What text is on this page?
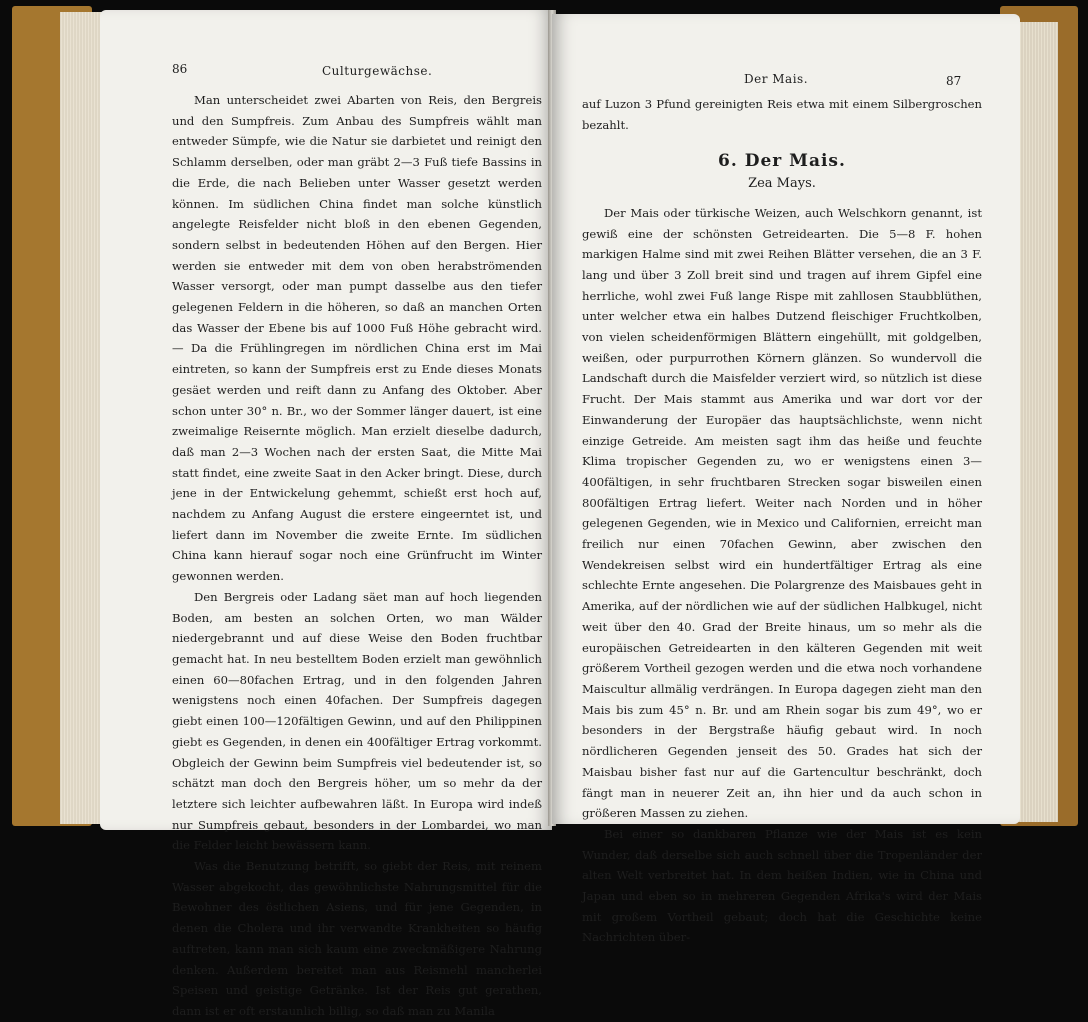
86	Culturgewächse.

Man unterscheidet zwei Abarten von Reis, den Bergreis und den Sumpfreis. Zum Anbau des Sumpfreis wählt man entweder Sümpfe, wie die Natur sie darbietet und reinigt den Schlamm derselben, oder man gräbt 2—3 Fuß tiefe Bassins in die Erde, die nach Belieben unter Wasser gesetzt werden können. Im südlichen China findet man solche künstlich angelegte Reisfelder nicht bloß in den ebenen Gegenden, sondern selbst in bedeutenden Höhen auf den Bergen. Hier werden sie entweder mit dem von oben herabströmenden Wasser versorgt, oder man pumpt dasselbe aus den tiefer gelegenen Feldern in die höheren, so daß an manchen Orten das Wasser der Ebene bis auf 1000 Fuß Höhe gebracht wird. — Da die Frühlingregen im nördlichen China erst im Mai eintreten, so kann der Sumpfreis erst zu Ende dieses Monats gesäet werden und reift dann zu Anfang des Oktober. Aber schon unter 30° n. Br., wo der Sommer länger dauert, ist eine zweimalige Reisernte möglich. Man erzielt dieselbe dadurch, daß man 2—3 Wochen nach der ersten Saat, die Mitte Mai statt findet, eine zweite Saat in den Acker bringt. Diese, durch jene in der Entwickelung gehemmt, schießt erst hoch auf, nachdem zu Anfang August die erstere eingeerntet ist, und liefert dann im November die zweite Ernte. Im südlichen China kann hierauf sogar noch eine Grünfrucht im Winter gewonnen werden.

Den Bergreis oder Ladang säet man auf hoch liegenden Boden, am besten an solchen Orten, wo man Wälder niedergebrannt und auf diese Weise den Boden fruchtbar gemacht hat. In neu bestelltem Boden erzielt man gewöhnlich einen 60—80fachen Ertrag, und in den folgenden Jahren wenigstens noch einen 40fachen. Der Sumpfreis dagegen giebt einen 100—120fältigen Gewinn, und auf den Philippinen giebt es Gegenden, in denen ein 400fältiger Ertrag vorkommt. Obgleich der Gewinn beim Sumpfreis viel bedeutender ist, so schätzt man doch den Bergreis höher, um so mehr da der letztere sich leichter aufbewahren läßt. In Europa wird indeß nur Sumpfreis gebaut, besonders in der Lombardei, wo man die Felder leicht bewässern kann.

Was die Benutzung betrifft, so giebt der Reis, mit reinem Wasser abgekocht, das gewöhnlichste Nahrungsmittel für die Bewohner des östlichen Asiens, und für jene Gegenden, in denen die Cholera und ihr verwandte Krankheiten so häufig auftreten, kann man sich kaum eine zweckmäßigere Nahrung denken. Außerdem bereitet man aus Reismehl mancherlei Speisen und geistige Getränke. Ist der Reis gut gerathen, dann ist er oft erstaunlich billig, so daß man zu Manila

Der Mais.	87

auf Luzon 3 Pfund gereinigten Reis etwa mit einem Silbergroschen bezahlt.

6. Der Mais.
Zea Mays.

Der Mais oder türkische Weizen, auch Welschkorn genannt, ist gewiß eine der schönsten Getreidearten. Die 5—8 F. hohen markigen Halme sind mit zwei Reihen Blätter versehen, die an 3 F. lang und über 3 Zoll breit sind und tragen auf ihrem Gipfel eine herrliche, wohl zwei Fuß lange Rispe mit zahllosen Staubblüthen, unter welcher etwa ein halbes Dutzend fleischiger Fruchtkolben, von vielen scheidenförmigen Blättern eingehüllt, mit goldgelben, weißen, oder purpurrothen Körnern glänzen. So wundervoll die Landschaft durch die Maisfelder verziert wird, so nützlich ist diese Frucht. Der Mais stammt aus Amerika und war dort vor der Einwanderung der Europäer das hauptsächlichste, wenn nicht einzige Getreide. Am meisten sagt ihm das heiße und feuchte Klima tropischer Gegenden zu, wo er wenigstens einen 3—400fältigen, in sehr fruchtbaren Strecken sogar bisweilen einen 800fältigen Ertrag liefert. Weiter nach Norden und in höher gelegenen Gegenden, wie in Mexico und Californien, erreicht man freilich nur einen 70fachen Gewinn, aber zwischen den Wendekreisen selbst wird ein hundertfältiger Ertrag als eine schlechte Ernte angesehen. Die Polargrenze des Maisbaues geht in Amerika, auf der nördlichen wie auf der südlichen Halbkugel, nicht weit über den 40. Grad der Breite hinaus, um so mehr als die europäischen Getreidearten in den kälteren Gegenden mit weit größerem Vortheil gezogen werden und die etwa noch vorhandene Maiscultur allmälig verdrängen. In Europa dagegen zieht man den Mais bis zum 45° n. Br. und am Rhein sogar bis zum 49°, wo er besonders in der Bergstraße häufig gebaut wird. In noch nördlicheren Gegenden jenseit des 50. Grades hat sich der Maisbau bisher fast nur auf die Gartencultur beschränkt, doch fängt man in neuerer Zeit an, ihn hier und da auch schon in größeren Massen zu ziehen.

Bei einer so dankbaren Pflanze wie der Mais ist es kein Wunder, daß derselbe sich auch schnell über die Tropenländer der alten Welt verbreitet hat. In dem heißen Indien, wie in China und Japan und eben so in mehreren Gegenden Afrika's wird der Mais mit großem Vortheil gebaut; doch hat die Geschichte keine Nachrichten über-
